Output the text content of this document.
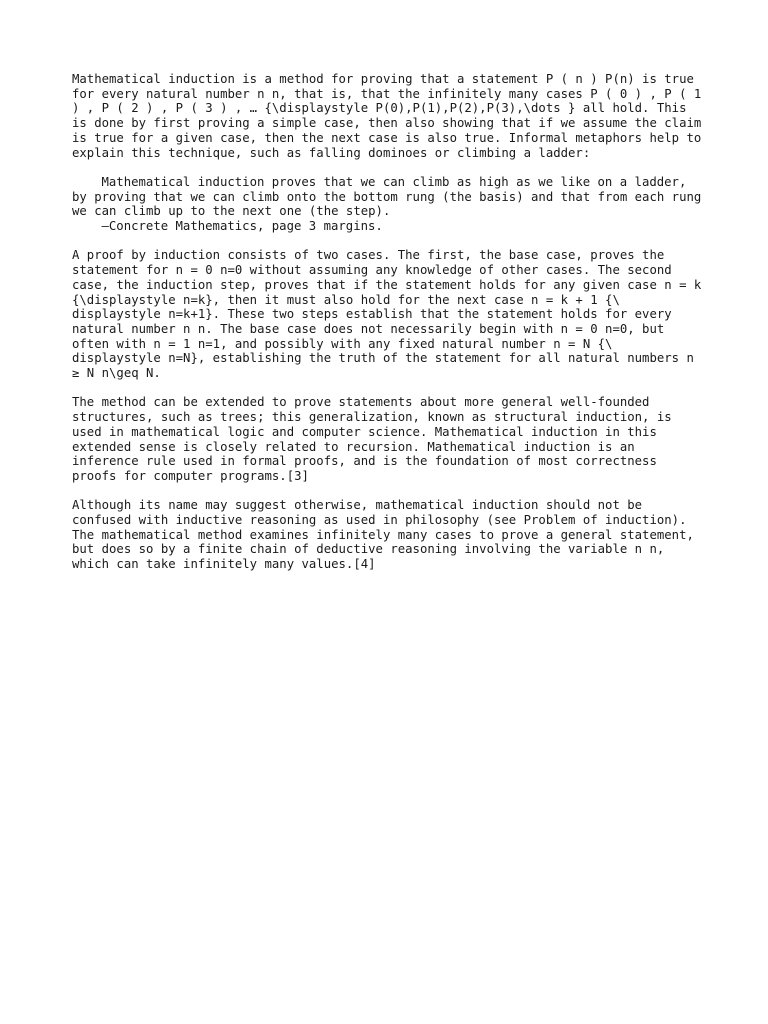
Mathematical induction is a method for proving that a statement P ( n ) P(n) is true for every natural number n n, that is, that the infinitely many cases P ( 0 ) , P ( 1 ) , P ( 2 ) , P ( 3 ) , … {\displaystyle P(0),P(1),P(2),P(3),\dots } all hold. This is done by first proving a simple case, then also showing that if we assume the claim is true for a given case, then the next case is also true. Informal metaphors help to explain this technique, such as falling dominoes or climbing a ladder:

Mathematical induction proves that we can climb as high as we like on a ladder, by proving that we can climb onto the bottom rung (the basis) and that from each rung we can climb up to the next one (the step).

—Concrete Mathematics, page 3 margins.

A proof by induction consists of two cases. The first, the base case, proves the statement for n = 0 n=0 without assuming any knowledge of other cases. The second case, the induction step, proves that if the statement holds for any given case n = k {\displaystyle n=k}, then it must also hold for the next case n = k + 1 {\ displaystyle n=k+1}. These two steps establish that the statement holds for every natural number n n. The base case does not necessarily begin with n = 0 n=0, but often with n = 1 n=1, and possibly with any fixed natural number n = N {\ displaystyle n=N}, establishing the truth of the statement for all natural numbers n ≥ N n\geq N.

The method can be extended to prove statements about more general well-founded structures, such as trees; this generalization, known as structural induction, is used in mathematical logic and computer science. Mathematical induction in this extended sense is closely related to recursion. Mathematical induction is an inference rule used in formal proofs, and is the foundation of most correctness proofs for computer programs.[3]

Although its name may suggest otherwise, mathematical induction should not be confused with inductive reasoning as used in philosophy (see Problem of induction). The mathematical method examines infinitely many cases to prove a general statement, but does so by a finite chain of deductive reasoning involving the variable n n, which can take infinitely many values.[4]
